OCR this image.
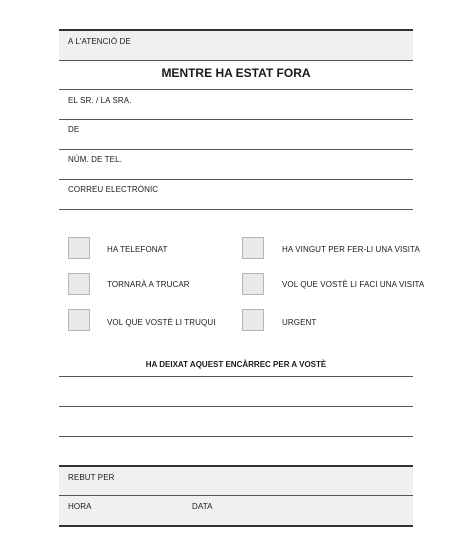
A L'ATENCIÓ DE
MENTRE HA ESTAT FORA
EL SR. / LA SRA.
DE
NÚM. DE TEL.
CORREU ELECTRÒNIC
HA TELEFONAT	HA VINGUT PER FER-LI UNA VISITA
TORNARÀ A TRUCAR	VOL QUE VOSTÈ LI FACI UNA VISITA
VOL QUE VOSTÈ LI TRUQUI	URGENT
HA DEIXAT AQUEST ENCÀRREC PER A VOSTÈ
REBUT PER
HORA	DATA
